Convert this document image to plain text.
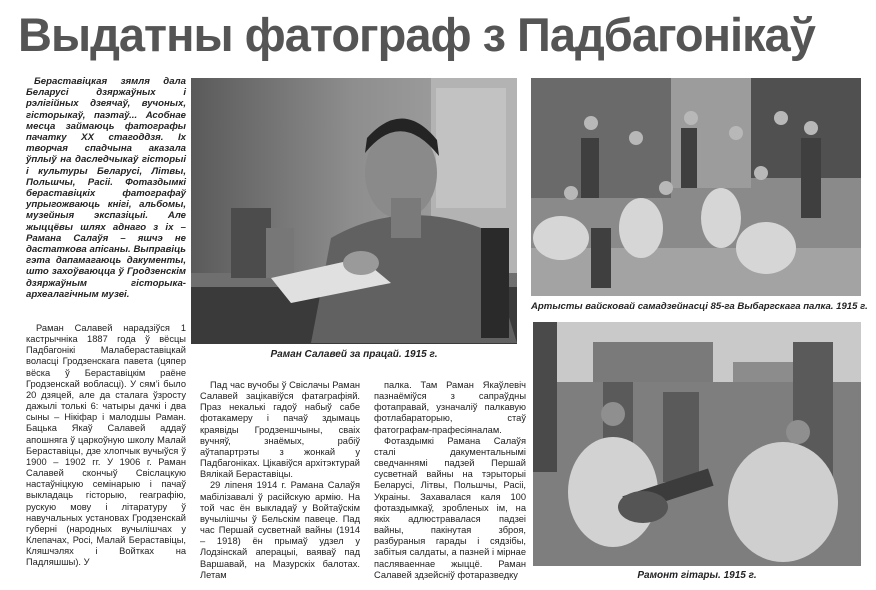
Выдатны фатограф з Падбагонікаў

Бераставіцкая зямля дала Беларусі дзяржаўных і рэлігійных дзеячаў, вучоных, гісторыкаў, паэтаў... Асобнае месца займаюць фатографы пачатку XX стагоддзя. Іх творчая спадчына аказала ўплыў на даследчыкаў гісторыі і культуры Беларусі, Літвы, Польшчы, Расіі. Фотаздымкі бераставіцкіх фатографаў упрыгожваюць кнігі, альбомы, музейныя экспазіцыі. Але жыццёвы шлях аднаго з іх – Рамана Салаўя – яшчэ не дастаткова апісаны. Выправіць гэта дапамагаюць дакументы, што захоўваюцца ў Гродзенскім дзяржаўным гісторыка-археалагічным музеі.

Раман Салавей нарадзіўся 1 кастрычніка 1887 года ў вёсцы Падбагонікі Малабераставіцкай воласці Гродзенскага павета (цяпер вёска ў Бераставіцкім раёне Гродзенскай вобласці). У сям’і было 20 дзяцей, але да сталага ўзросту дажылі толькі 6: чатыры дачкі і два сыны – Нікіфар і малодшы Раман. Бацька Якаў Салавей аддаў апошняга ў царкоўную школу Малай Бераставіцы, дзе хлопчык вучыўся ў 1900 – 1902 гг. У 1906 г. Раман Салавей скончыў Свіслацкую настаўніцкую семінарыю і пачаў выкладаць гісторыю, геаграфію, рускую мову і літаратуру ў навучальных установах Гродзенскай губерні (народных вучылішчах у Клепачах, Росі, Малай Бераставіцы, Кляшчэлях і Войтках на Падляшшы). У

Раман Салавей за працай. 1915 г.

Пад час вучобы ў Свіслачы Раман Салавей зацікавіўся фатаграфіяй. Праз некалькі гадоў набыў сабе фотакамеру і пачаў здымаць краявіды Гродзеншчыны, сваіх вучняў, знаёмых, рабіў аўтапартрэты з жонкай у Падбагоніках. Цікавіўся архітэктурай Вялікай Бераставіцы.

29 ліпеня 1914 г. Рамана Салаўя мабілізавалі ў расійскую армію. На той час ён выкладаў у Войтаўскім вучылішчы ў Бельскім павеце. Пад час Першай сусветнай вайны (1914 – 1918) ён прымаў удзел у Лодзінскай аперацыі, ваяваў пад Варшавай, на Мазурскіх балотах. Летам

палка. Там Раман Якаўлевіч пазнаёміўся з сапраўдны фотаправай, узначаліў палкавую фотлабараторыю, стаў фатографам-прафесіяналам.

Фотаздымкі Рамана Салаўя сталі дакументальнымі сведчаннямі падзей Першай сусветнай вайны на тэрыторыі Беларусі, Літвы, Польшчы, Расіі, Украіны. Захавалася каля 100 фотаздымкаў, зробленых ім, на якіх адлюстравалася падзеі вайны, пакінутая зброя, разбураныя гарады і сядзібы, забітыя салдаты, а пазней і мірнае паслявaеннае жыццё. Раман Салавей здзейсніў фотаразведку

Артысты вайсковай самадзейнасці 85-га Выбаргскага палка. 1915 г.
Рамонт гітары. 1915 г.
